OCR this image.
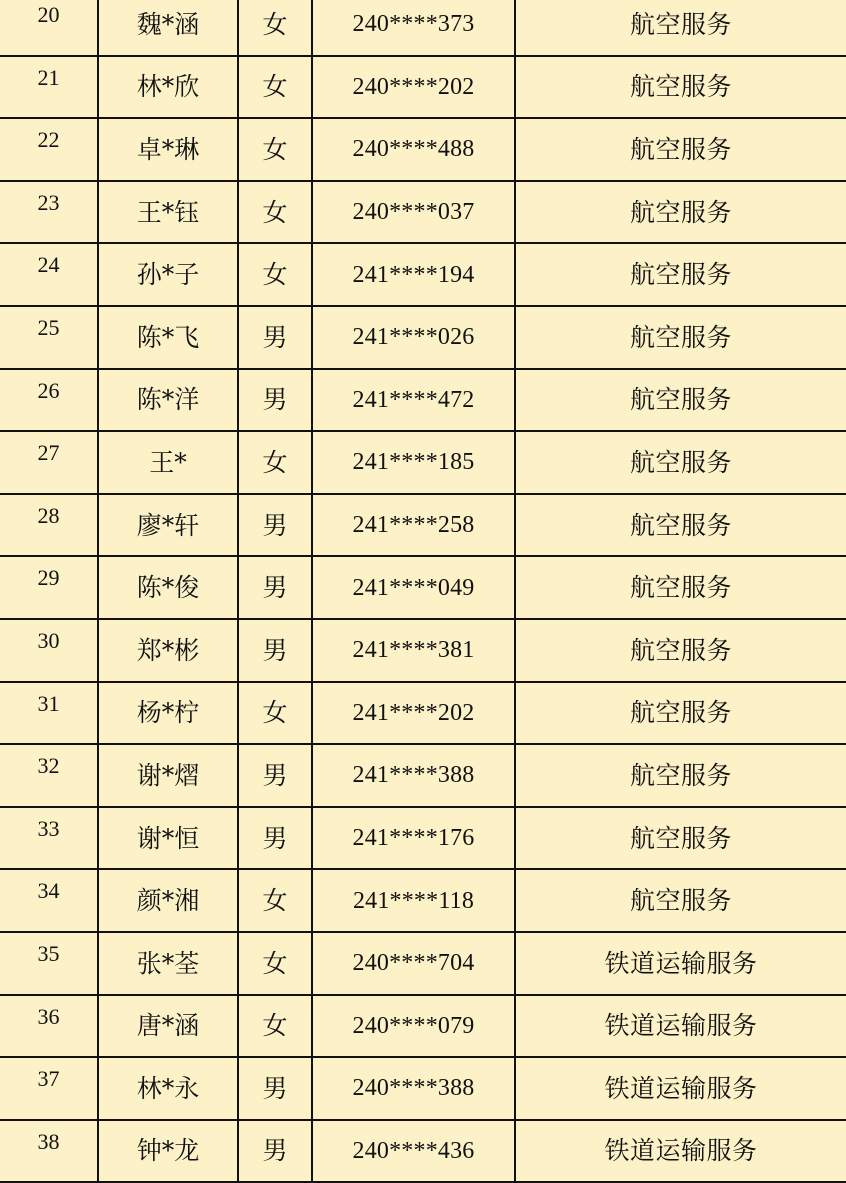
20	魏*涵	女	240****373	航空服务
21	林*欣	女	240****202	航空服务
22	卓*琳	女	240****488	航空服务
23	王*钰	女	240****037	航空服务
24	孙*子	女	241****194	航空服务
25	陈*飞	男	241****026	航空服务
26	陈*洋	男	241****472	航空服务
27	王*	女	241****185	航空服务
28	廖*轩	男	241****258	航空服务
29	陈*俊	男	241****049	航空服务
30	郑*彬	男	241****381	航空服务
31	杨*柠	女	241****202	航空服务
32	谢*熠	男	241****388	航空服务
33	谢*恒	男	241****176	航空服务
34	颜*湘	女	241****118	航空服务
35	张*荃	女	240****704	铁道运输服务
36	唐*涵	女	240****079	铁道运输服务
37	林*永	男	240****388	铁道运输服务
38	钟*龙	男	240****436	铁道运输服务
